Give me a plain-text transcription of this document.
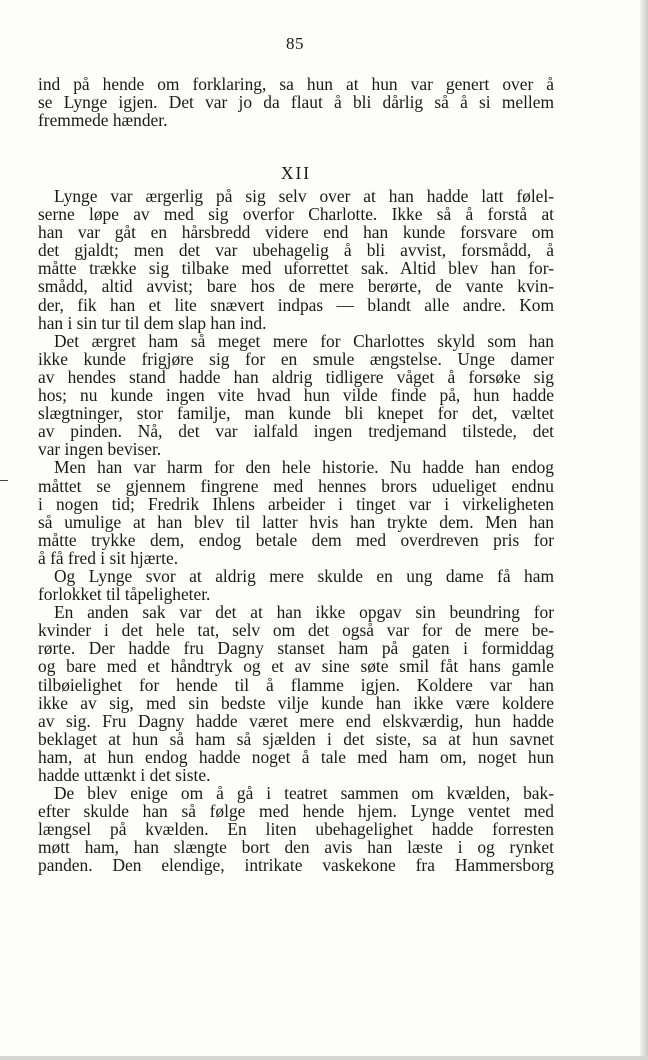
85
ind på hende om forklaring, sa hun at hun var genert over å
se Lynge igjen. Det var jo da flaut å bli dårlig så å si mellem
fremmede hænder.
XII

Lynge var ærgerlig på sig selv over at han hadde latt følel-
serne løpe av med sig overfor Charlotte. Ikke så å forstå at
han var gåt en hårsbredd videre end han kunde forsvare om
det gjaldt; men det var ubehagelig å bli avvist, forsmådd, å
måtte trække sig tilbake med uforrettet sak. Altid blev han for-
smådd, altid avvist; bare hos de mere berørte, de vante kvin-
der, fik han et lite snævert indpas — blandt alle andre. Kom
han i sin tur til dem slap han ind.

Det ærgret ham så meget mere for Charlottes skyld som han
ikke kunde frigjøre sig for en smule ængstelse. Unge damer
av hendes stand hadde han aldrig tidligere våget å forsøke sig
hos; nu kunde ingen vite hvad hun vilde finde på, hun hadde
slægtninger, stor familje, man kunde bli knepet for det, væltet
av pinden. Nå, det var ialfald ingen tredjemand tilstede, det
var ingen beviser.

Men han var harm for den hele historie. Nu hadde han endog
måttet se gjennem fingrene med hennes brors udueliget endnu
i nogen tid; Fredrik Ihlens arbeider i tinget var i virkeligheten
så umulige at han blev til latter hvis han trykte dem. Men han
måtte trykke dem, endog betale dem med overdreven pris for
å få fred i sit hjærte.

Og Lynge svor at aldrig mere skulde en ung dame få ham
forlokket til tåpeligheter.

En anden sak var det at han ikke opgav sin beundring for
kvinder i det hele tat, selv om det også var for de mere be-
rørte. Der hadde fru Dagny stanset ham på gaten i formiddag
og bare med et håndtryk og et av sine søte smil fåt hans gamle
tilbøielighet for hende til å flamme igjen. Koldere var han
ikke av sig, med sin bedste vilje kunde han ikke være koldere
av sig. Fru Dagny hadde været mere end elskværdig, hun hadde
beklaget at hun så ham så sjælden i det siste, sa at hun savnet
ham, at hun endog hadde noget å tale med ham om, noget hun
hadde uttænkt i det siste.

De blev enige om å gå i teatret sammen om kvælden, bak-
efter skulde han så følge med hende hjem. Lynge ventet med
længsel på kvælden. En liten ubehagelighet hadde forresten
møtt ham, han slængte bort den avis han læste i og rynket
panden. Den elendige, intrikate vaskekone fra Hammersborg
